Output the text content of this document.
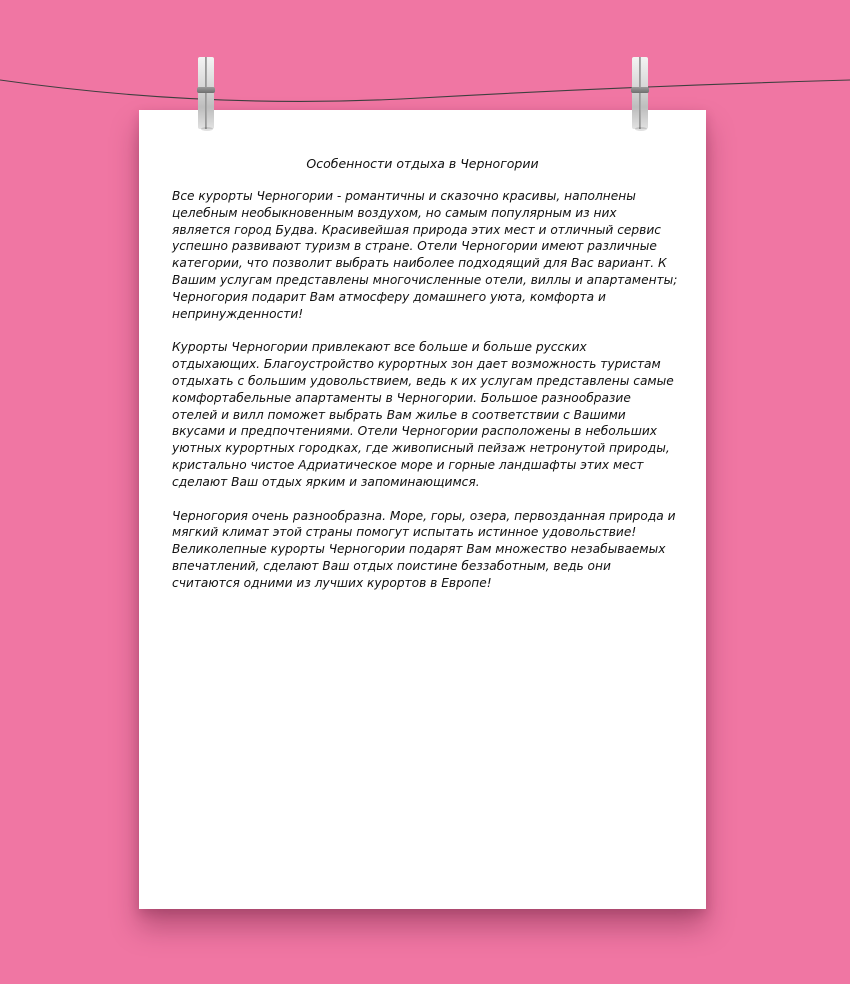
Особенности отдыха в Черногории

Все курорты Черногории - романтичны и сказочно красивы, наполнены целебным необыкновенным воздухом, но самым популярным из них является город Будва. Красивейшая природа этих мест и отличный сервис успешно развивают туризм в стране. Отели Черногории имеют различные категории, что позволит выбрать наиболее подходящий для Вас вариант. К Вашим услугам представлены многочисленные отели, виллы и апартаменты; Черногория подарит Вам атмосферу домашнего уюта, комфорта и непринужденности!

Курорты Черногории привлекают все больше и больше русских отдыхающих. Благоустройство курортных зон дает возможность туристам отдыхать с большим удовольствием, ведь к их услугам представлены самые комфортабельные апартаменты в Черногории. Большое разнообразие отелей и вилл поможет выбрать Вам жилье в соответствии с Вашими вкусами и предпочтениями. Отели Черногории расположены в небольших уютных курортных городках, где живописный пейзаж нетронутой природы, кристально чистое Адриатическое море и горные ландшафты этих мест сделают Ваш отдых ярким и запоминающимся.

Черногория очень разнообразна. Море, горы, озера, первозданная природа и мягкий климат этой страны помогут испытать истинное удовольствие! Великолепные курорты Черногории подарят Вам множество незабываемых впечатлений, сделают Ваш отдых поистине беззаботным, ведь они считаются одними из лучших курортов в Европе!
